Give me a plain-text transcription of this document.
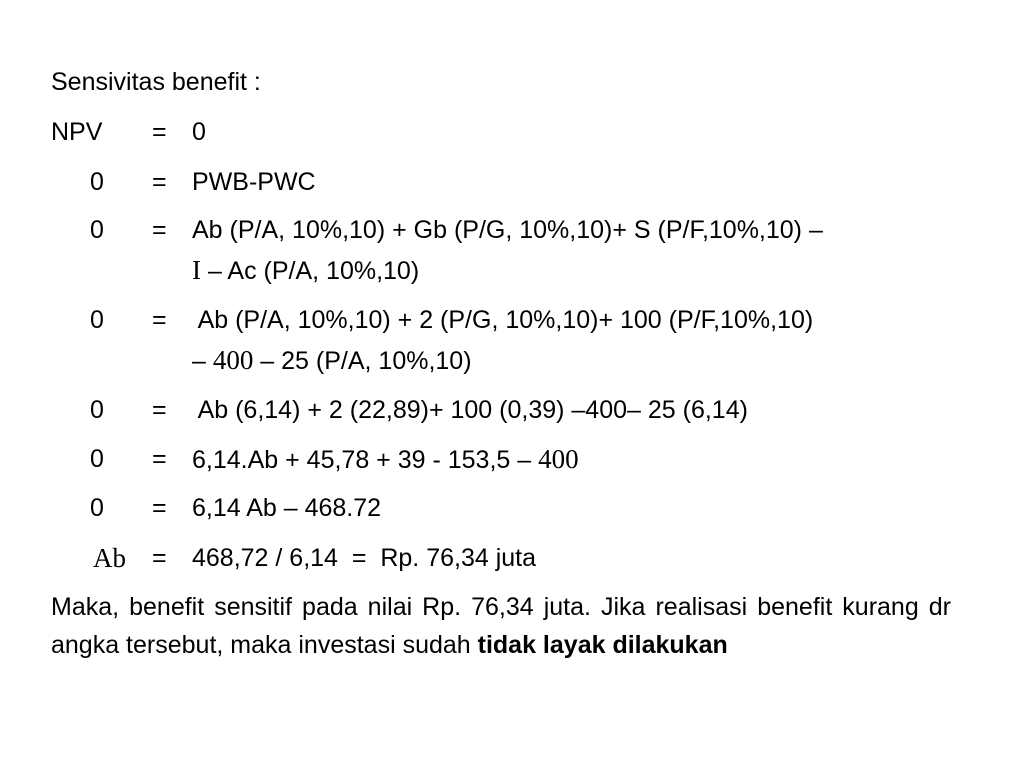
Sensivitas benefit :
NPV = 0
0 = PWB-PWC
0 = Ab (P/A, 10%,10) + Gb (P/G, 10%,10)+ S (P/F,10%,10) –
I – Ac (P/A, 10%,10)
0 = Ab (P/A, 10%,10) + 2 (P/G, 10%,10)+ 100 (P/F,10%,10)
– 400 – 25 (P/A, 10%,10)
0 = Ab (6,14) + 2 (22,89)+ 100 (0,39) –400– 25 (6,14)
0 = 6,14.Ab + 45,78 + 39 - 153,5 – 400
0 = 6,14 Ab – 468.72
Ab = 468,72 / 6,14  =  Rp. 76,34 juta
Maka, benefit sensitif pada nilai Rp. 76,34 juta. Jika realisasi benefit kurang dr angka tersebut, maka investasi sudah tidak layak dilakukan
